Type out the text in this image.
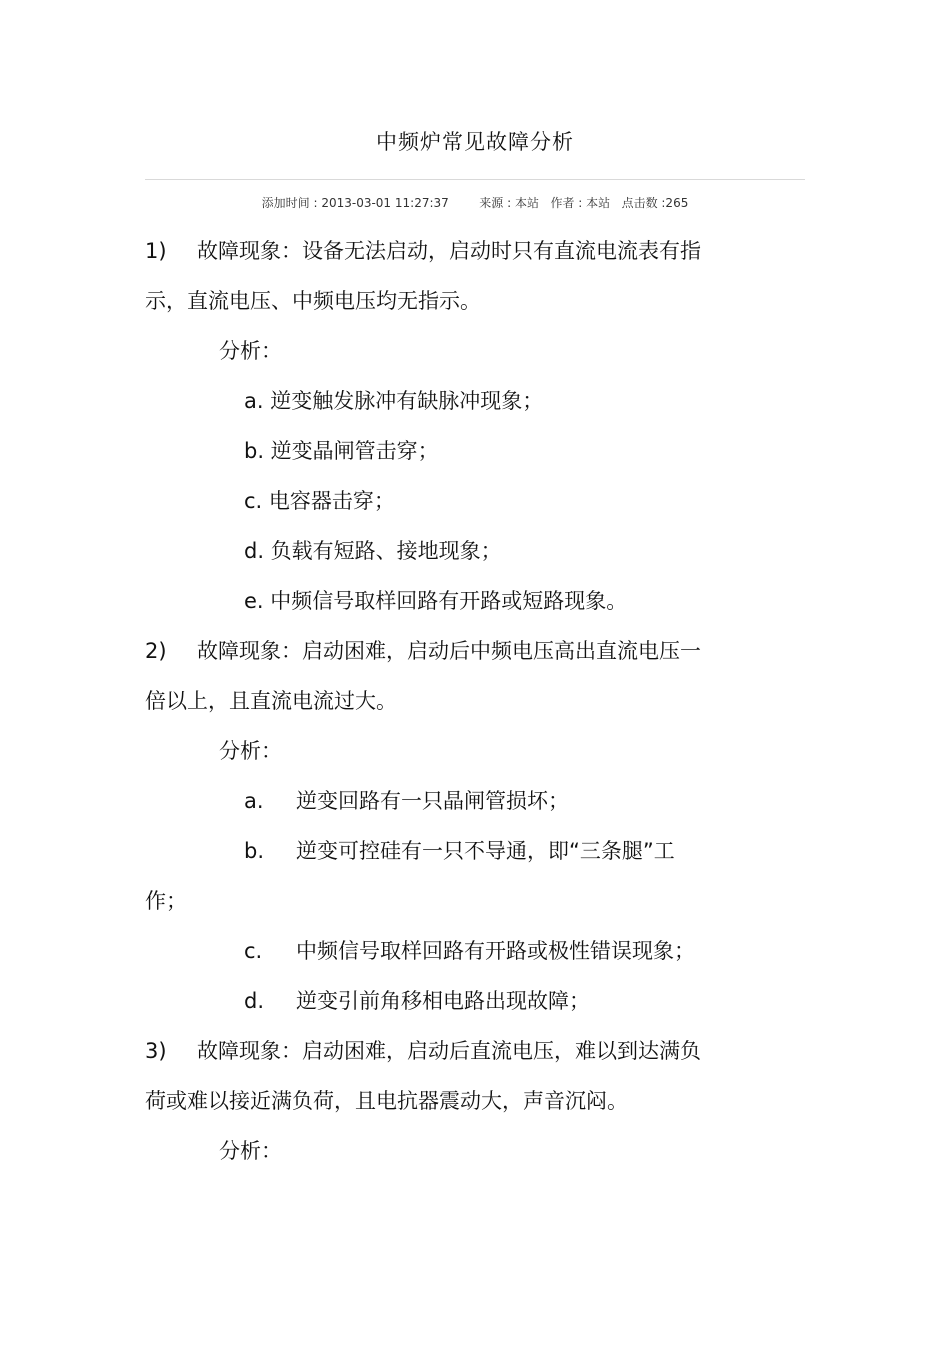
中频炉常见故障分析
添加时间 : 2013-03-01 11:27:37	来源 : 本站 作者 : 本站 点击数 :265
1) 故障现象：设备无法启动，启动时只有直流电流表有指
示，直流电压、中频电压均无指示。
分析：
a. 逆变触发脉冲有缺脉冲现象；
b. 逆变晶闸管击穿；
c. 电容器击穿；
d. 负载有短路、接地现象；
e. 中频信号取样回路有开路或短路现象。
2) 故障现象：启动困难，启动后中频电压高出直流电压一
倍以上，且直流电流过大。
分析：
a. 逆变回路有一只晶闸管损坏；
b. 逆变可控硅有一只不导通，即“三条腿”工
作；
c. 中频信号取样回路有开路或极性错误现象；
d. 逆变引前角移相电路出现故障；
3) 故障现象：启动困难，启动后直流电压，难以到达满负
荷或难以接近满负荷，且电抗器震动大，声音沉闷。
分析：
